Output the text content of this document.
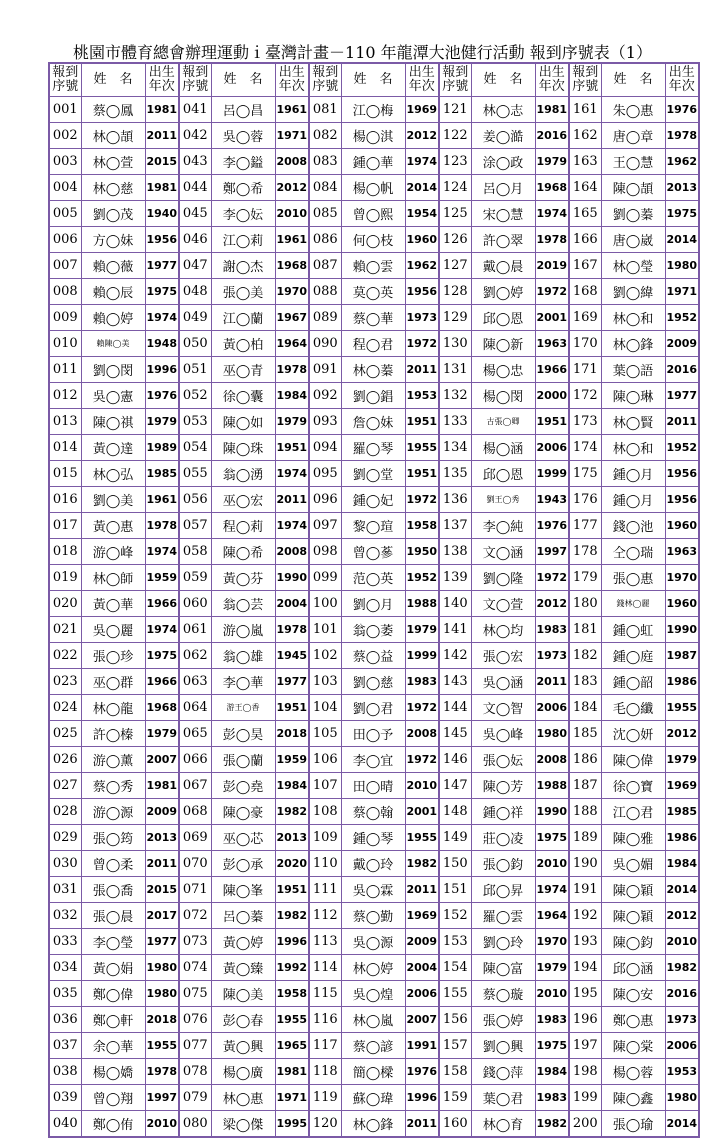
桃園市體育總會辦理運動ｉ臺灣計畫－110 年龍潭大池健行活動 報到序號表（1）
報到序號	姓　名	出生年次	報到序號	姓　名	出生年次	報到序號	姓　名	出生年次	報到序號	姓　名	出生年次	報到序號	姓　名	出生年次
001	蔡◯鳳	1981	041	呂◯昌	1961	081	江◯梅	1969	121	林◯志	1981	161	朱◯惠	1976
002	林◯頡	2011	042	吳◯蓉	1971	082	楊◯淇	2012	122	姜◯澔	2016	162	唐◯章	1978
003	林◯萱	2015	043	李◯鎰	2008	083	鍾◯華	1974	123	涂◯政	1979	163	王◯慧	1962
004	林◯慈	1981	044	鄭◯希	2012	084	楊◯帆	2014	124	呂◯月	1968	164	陳◯頡	2013
005	劉◯茂	1940	045	李◯妘	2010	085	曾◯熙	1954	125	宋◯慧	1974	165	劉◯蓁	1975
006	方◯妹	1956	046	江◯莉	1961	086	何◯枝	1960	126	許◯翠	1978	166	唐◯崴	2014
007	賴◯薇	1977	047	謝◯杰	1968	087	賴◯雲	1962	127	戴◯晨	2019	167	林◯瑩	1980
008	賴◯辰	1975	048	張◯美	1970	088	莫◯英	1956	128	劉◯婷	1972	168	劉◯緯	1971
009	賴◯婷	1974	049	江◯蘭	1967	089	蔡◯華	1973	129	邱◯恩	2001	169	林◯和	1952
010	賴陳◯美	1948	050	黃◯柏	1964	090	程◯君	1972	130	陳◯新	1963	170	林◯鋒	2009
011	劉◯閔	1996	051	巫◯青	1978	091	林◯蓁	2011	131	楊◯忠	1966	171	葉◯語	2016
012	吳◯憲	1976	052	徐◯囊	1984	092	劉◯錩	1953	132	楊◯閔	2000	172	陳◯琳	1977
013	陳◯祺	1979	053	陳◯如	1979	093	詹◯妹	1951	133	古張◯卿	1951	173	林◯賢	2011
014	黃◯達	1989	054	陳◯珠	1951	094	羅◯琴	1955	134	楊◯涵	2006	174	林◯和	1952
015	林◯弘	1985	055	翁◯湧	1974	095	劉◯堂	1951	135	邱◯恩	1999	175	鍾◯月	1956
016	劉◯美	1961	056	巫◯宏	2011	096	鍾◯妃	1972	136	劉王◯秀	1943	176	鍾◯月	1956
017	黃◯惠	1978	057	程◯莉	1974	097	黎◯瑄	1958	137	李◯純	1976	177	錢◯池	1960
018	游◯峰	1974	058	陳◯希	2008	098	曾◯蔘	1950	138	文◯涵	1997	178	仝◯瑞	1963
019	林◯師	1959	059	黃◯芬	1990	099	范◯英	1952	139	劉◯隆	1972	179	張◯惠	1970
020	黃◯華	1966	060	翁◯芸	2004	100	劉◯月	1988	140	文◯萱	2012	180	錢林◯麗	1960
021	吳◯麗	1974	061	游◯嵐	1978	101	翁◯萎	1979	141	林◯均	1983	181	鍾◯虹	1990
022	張◯珍	1975	062	翁◯雄	1945	102	蔡◯益	1999	142	張◯宏	1973	182	鍾◯庭	1987
023	巫◯群	1966	063	李◯華	1977	103	劉◯慈	1983	143	吳◯涵	2011	183	鍾◯韶	1986
024	林◯龍	1968	064	游王◯香	1951	104	劉◯君	1972	144	文◯智	2006	184	毛◯纖	1955
025	許◯榛	1979	065	彭◯昊	2018	105	田◯予	2008	145	吳◯峰	1980	185	沈◯妍	2012
026	游◯薰	2007	066	張◯蘭	1959	106	李◯宜	1972	146	張◯妘	2008	186	陳◯偉	1979
027	蔡◯秀	1981	067	彭◯堯	1984	107	田◯晴	2010	147	陳◯芳	1988	187	徐◯寶	1969
028	游◯源	2009	068	陳◯豪	1982	108	蔡◯翰	2001	148	鍾◯祥	1990	188	江◯君	1985
029	張◯筠	2013	069	巫◯芯	2013	109	鍾◯琴	1955	149	莊◯凌	1975	189	陳◯雅	1986
030	曾◯柔	2011	070	彭◯承	2020	110	戴◯玲	1982	150	張◯鈞	2010	190	吳◯媚	1984
031	張◯喬	2015	071	陳◯峯	1951	111	吳◯霖	2011	151	邱◯昇	1974	191	陳◯穎	2014
032	張◯晨	2017	072	呂◯蓁	1982	112	蔡◯勤	1969	152	羅◯雲	1964	192	陳◯穎	2012
033	李◯瑩	1977	073	黃◯婷	1996	113	吳◯源	2009	153	劉◯玲	1970	193	陳◯鈞	2010
034	黃◯娟	1980	074	黃◯臻	1992	114	林◯婷	2004	154	陳◯富	1979	194	邱◯涵	1982
035	鄭◯偉	1980	075	陳◯美	1958	115	吳◯煌	2006	155	蔡◯璇	2010	195	陳◯安	2016
036	鄭◯軒	2018	076	彭◯春	1955	116	林◯嵐	2007	156	張◯婷	1983	196	鄭◯惠	1973
037	余◯華	1955	077	黃◯興	1965	117	蔡◯諺	1991	157	劉◯興	1975	197	陳◯棠	2006
038	楊◯嬌	1978	078	楊◯廣	1981	118	簡◯樑	1976	158	錢◯萍	1984	198	楊◯蓉	1953
039	曾◯翔	1997	079	林◯惠	1971	119	蘇◯瑋	1996	159	葉◯君	1983	199	陳◯鑫	1980
040	鄭◯侑	2010	080	梁◯傑	1995	120	林◯鋒	2011	160	林◯育	1982	200	張◯瑜	2014
